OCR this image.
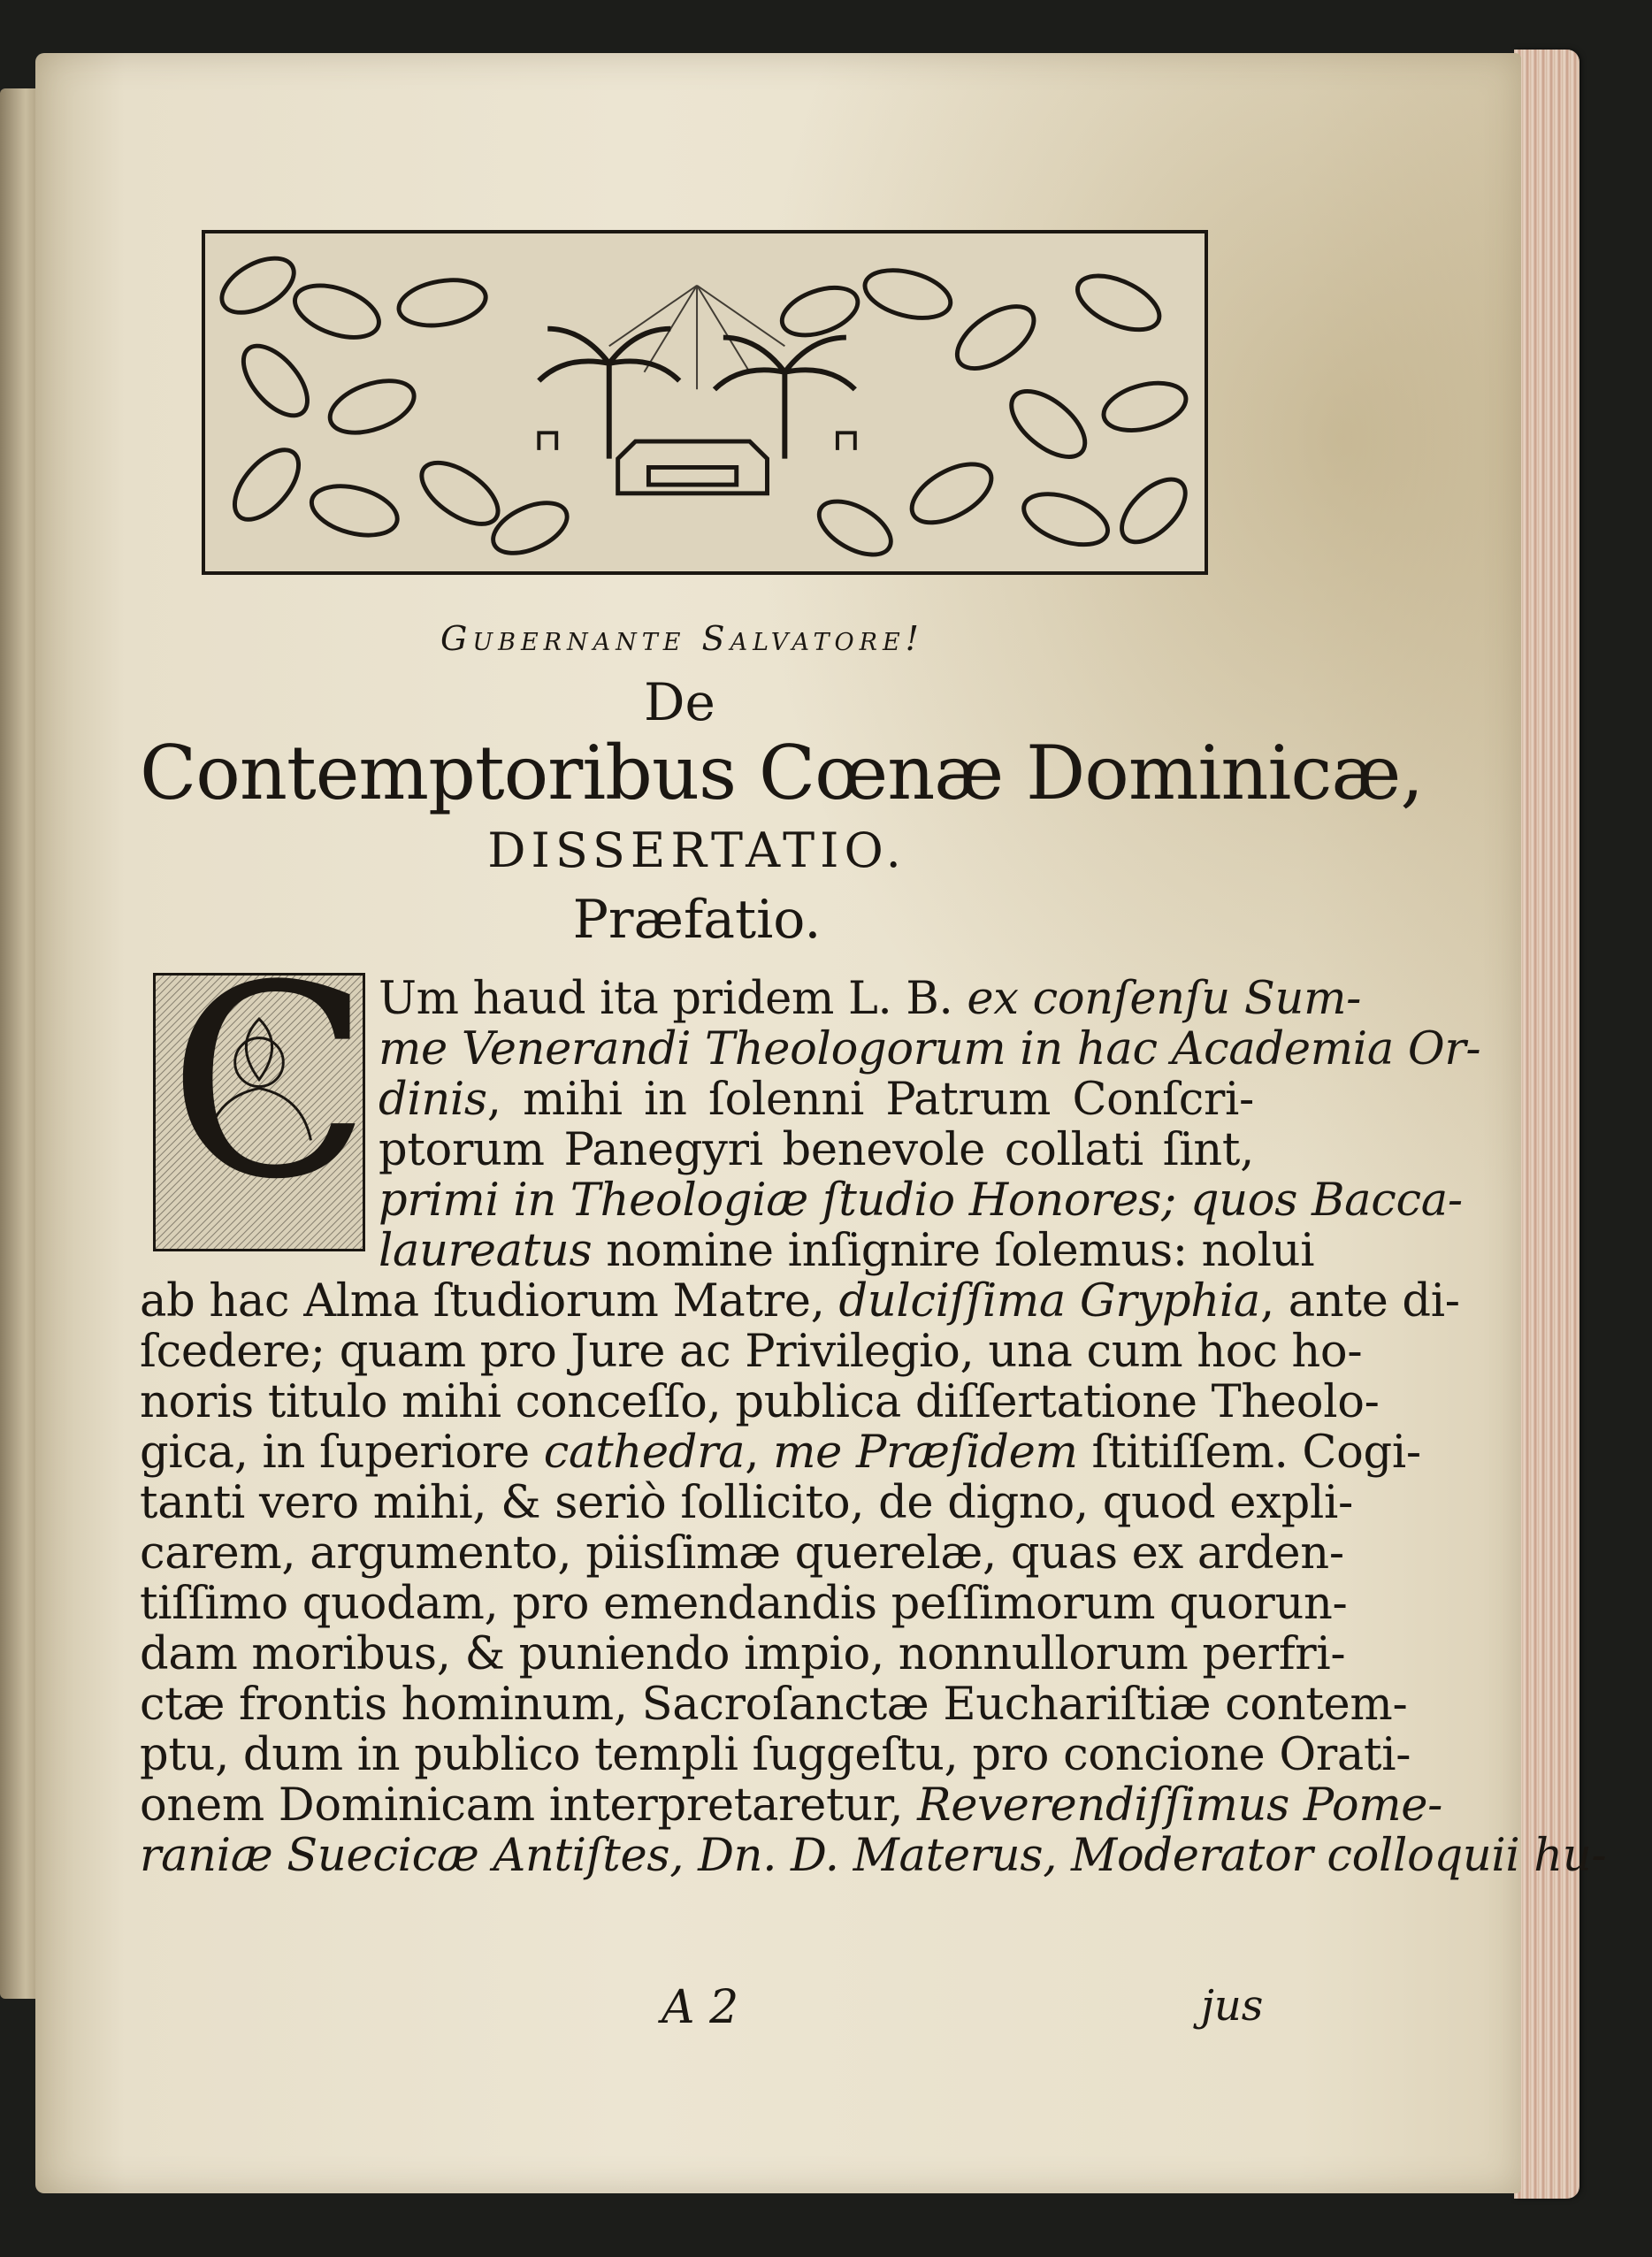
Gubernante Salvatore!
De
Contemptoribus Cœnæ Dominicæ,
DISSERTATIO.
Præfatio.
C Um haud ita pridem L. B. ex conſenſu Sum-
me Venerandi Theologorum in hac Academia Or-
dinis, mihi in ſolenni Patrum Conſcri-
ptorum Panegyri benevole collati ſint,
primi in Theologiæ ſtudio Honores; quos Bacca-
laureatus nomine inſignire ſolemus: nolui
ab hac Alma ſtudiorum Matre, dulciſſima Gryphia, ante di-
ſcedere; quam pro Jure ac Privilegio, una cum hoc ho-
noris titulo mihi conceſſo, publica diſſertatione Theolo-
gica, in ſuperiore cathedra, me Præſidem ſtitiſſem. Cogi-
tanti vero mihi, & seriò ſollicito, de digno, quod expli-
carem, argumento, piisſimæ querelæ, quas ex arden-
tiſſimo quodam, pro emendandis peſſimorum quorun-
dam moribus, & puniendo impio, nonnullorum perfri-
ctæ frontis hominum, Sacroſanctæ Euchariſtiæ contem-
ptu, dum in publico templi ſuggeſtu, pro concione Orati-
onem Dominicam interpretaretur, Reverendiſſimus Pome-
raniæ Suecicæ Antiſtes, Dn. D. Materus, Moderator colloquii hu-
A 2	jus
